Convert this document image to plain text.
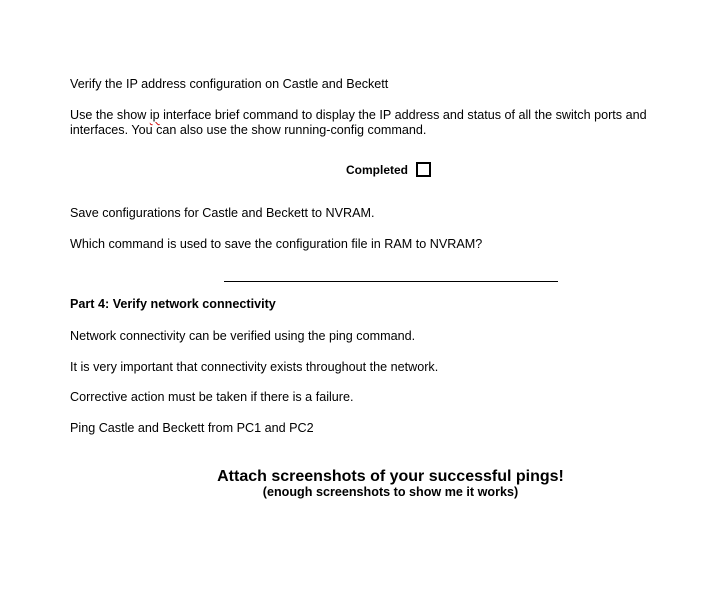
Verify the IP address configuration on Castle and Beckett

Use the show ip interface brief command to display the IP address and status of all the switch ports and interfaces. You can also use the show running-config command.

Completed

Save configurations for Castle and Beckett to NVRAM.

Which command is used to save the configuration file in RAM to NVRAM?

Part 4: Verify network connectivity

Network connectivity can be verified using the ping command.

It is very important that connectivity exists throughout the network.

Corrective action must be taken if there is a failure.

Ping Castle and Beckett from PC1 and PC2

Attach screenshots of your successful pings!

(enough screenshots to show me it works)
